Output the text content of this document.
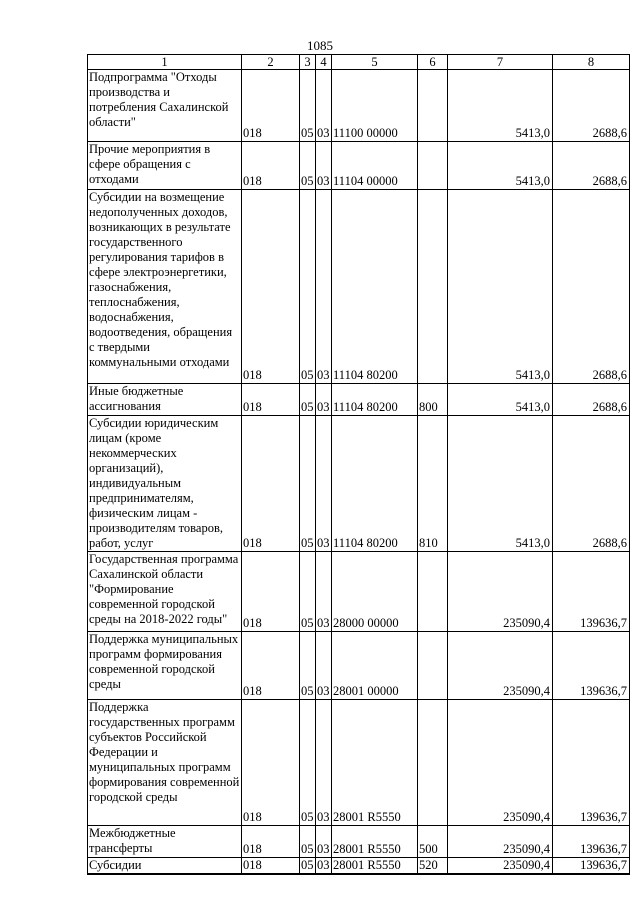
1085
1	2	3	4	5	6	7	8
Подпрограмма "Отходы производства и потребления Сахалинской области"	018	05	03	11100 00000		5413,0	2688,6
Прочие мероприятия в сфере обращения с отходами	018	05	03	11104 00000		5413,0	2688,6
Субсидии на возмещение недополученных доходов, возникающих в результате государственного регулирования тарифов в сфере электроэнергетики, газоснабжения, теплоснабжения, водоснабжения, водоотведения, обращения с твердыми коммунальными отходами	018	05	03	11104 80200		5413,0	2688,6
Иные бюджетные ассигнования	018	05	03	11104 80200	800	5413,0	2688,6
Субсидии юридическим лицам (кроме некоммерческих организаций), индивидуальным предпринимателям, физическим лицам - производителям товаров, работ, услуг	018	05	03	11104 80200	810	5413,0	2688,6
Государственная программа Сахалинской области "Формирование современной городской среды на 2018-2022 годы"	018	05	03	28000 00000		235090,4	139636,7
Поддержка муниципальных программ формирования современной городской среды	018	05	03	28001 00000		235090,4	139636,7
Поддержка государственных программ субъектов Российской Федерации и муниципальных программ формирования современной городской среды	018	05	03	28001 R5550		235090,4	139636,7
Межбюджетные трансферты	018	05	03	28001 R5550	500	235090,4	139636,7
Субсидии	018	05	03	28001 R5550	520	235090,4	139636,7
